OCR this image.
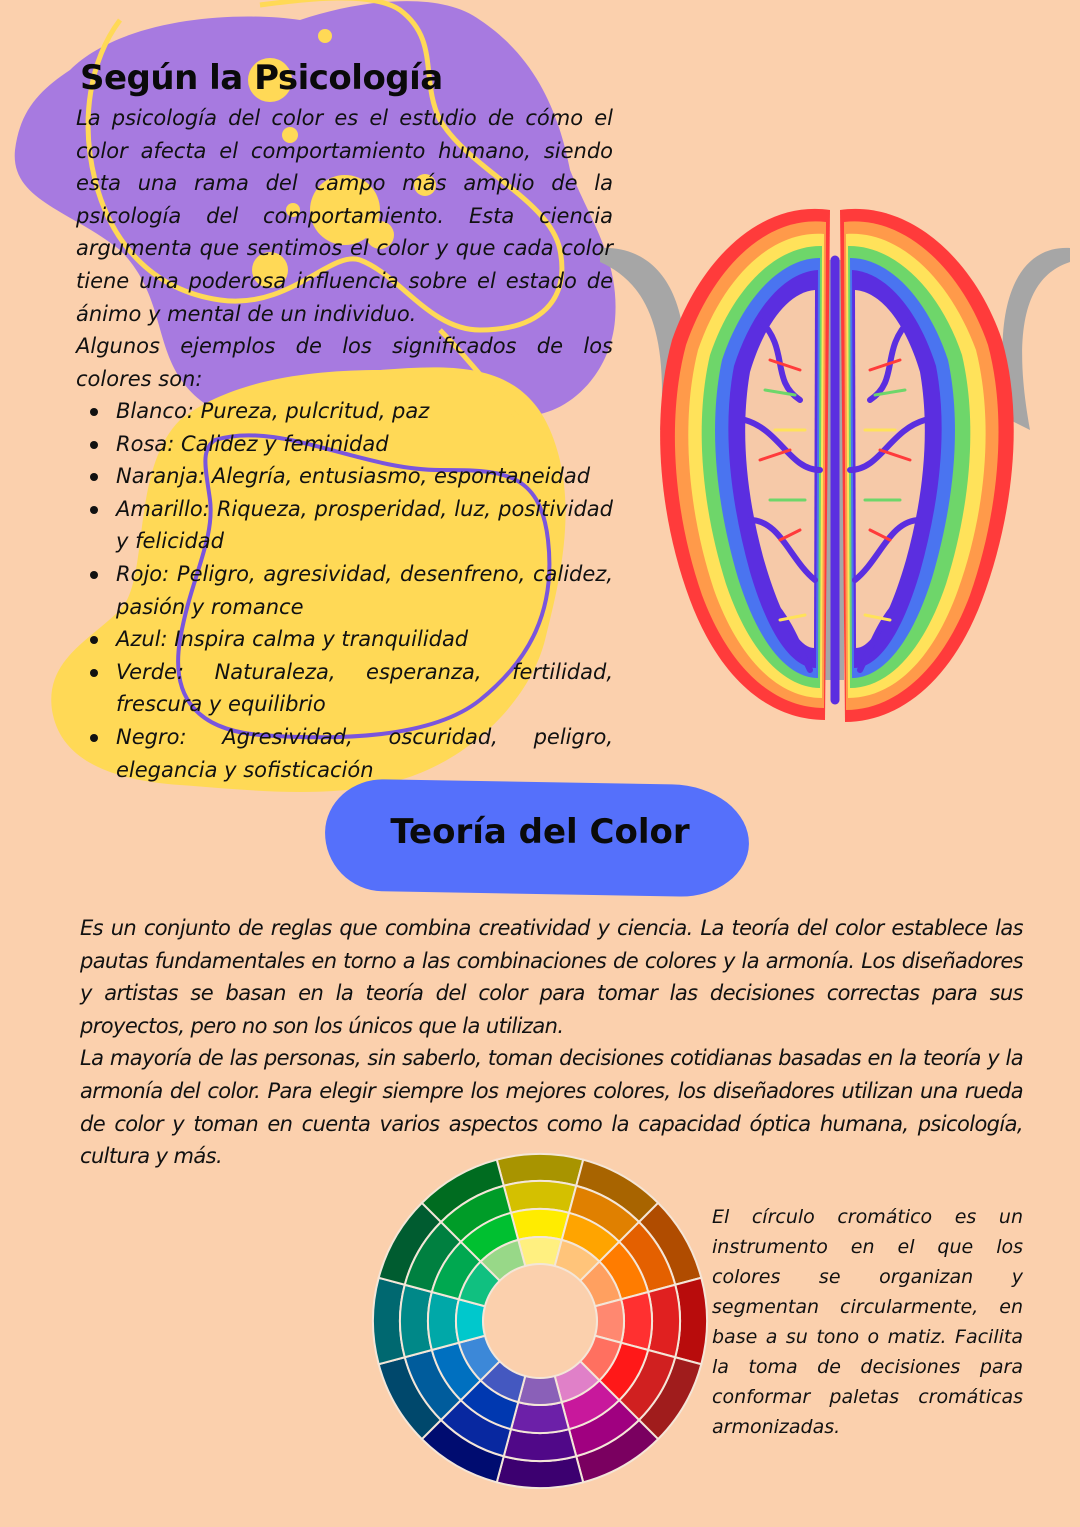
Según la Psicología

La psicología del color es el estudio de cómo el color afecta el comportamiento humano, siendo esta una rama del campo más amplio de la psicología del comportamiento. Esta ciencia argumenta que sentimos el color y que cada color tiene una poderosa influencia sobre el estado de ánimo y mental de un individuo.

Algunos ejemplos de los significados de los colores son:

Blanco: Pureza, pulcritud, paz
Rosa: Calidez y feminidad
Naranja: Alegría, entusiasmo, espontaneidad
Amarillo: Riqueza, prosperidad, luz, positividad y felicidad
Rojo: Peligro, agresividad, desenfreno, calidez, pasión y romance
Azul: Inspira calma y tranquilidad
Verde: Naturaleza, esperanza, fertilidad, frescura y equilibrio
Negro: Agresividad, oscuridad, peligro, elegancia y sofisticación
Teoría del Color

Es un conjunto de reglas que combina creatividad y ciencia. La teoría del color establece las pautas fundamentales en torno a las combinaciones de colores y la armonía. Los diseñadores y artistas se basan en la teoría del color para tomar las decisiones correctas para sus proyectos, pero no son los únicos que la utilizan.

La mayoría de las personas, sin saberlo, toman decisiones cotidianas basadas en la teoría y la armonía del color. Para elegir siempre los mejores colores, los diseñadores utilizan una rueda de color y toman en cuenta varios aspectos como la capacidad óptica humana, psicología, cultura y más.

El círculo cromático es un instrumento en el que los colores se organizan y segmentan circularmente, en base a su tono o matiz. Facilita la toma de decisiones para conformar paletas cromáticas armonizadas.
